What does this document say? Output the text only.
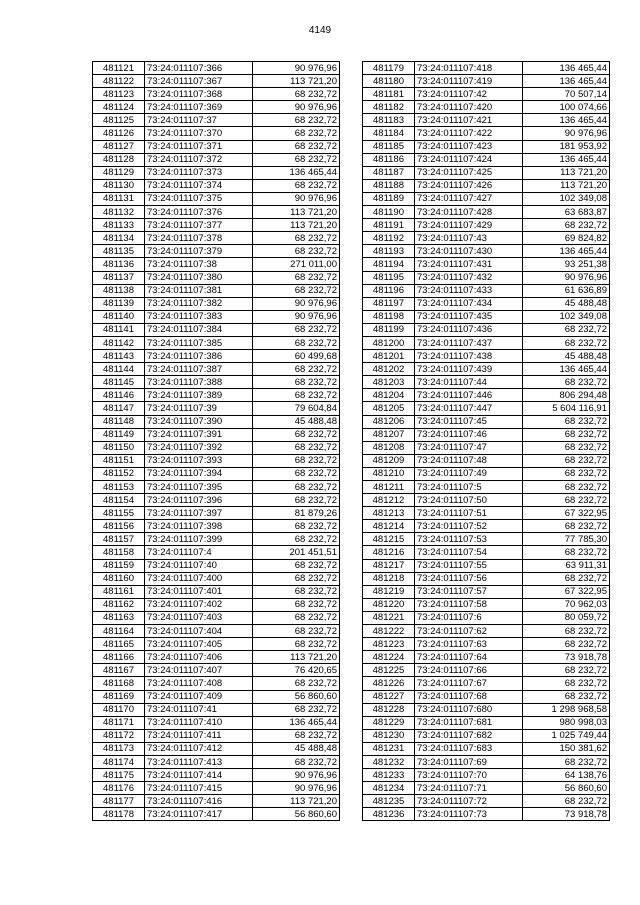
4149
481121	73:24:011107:366	90 976,96
481122	73:24:011107:367	113 721,20
481123	73:24:011107:368	68 232,72
481124	73:24:011107:369	90 976,96
481125	73:24:011107:37	68 232,72
481126	73:24:011107:370	68 232,72
481127	73:24:011107:371	68 232,72
481128	73:24:011107:372	68 232,72
481129	73:24:011107:373	136 465,44
481130	73:24:011107:374	68 232,72
481131	73:24:011107:375	90 976,96
481132	73:24:011107:376	113 721,20
481133	73:24:011107:377	113 721,20
481134	73:24:011107:378	68 232,72
481135	73:24:011107:379	68 232,72
481136	73:24:011107:38	271 011,00
481137	73:24:011107:380	68 232,72
481138	73:24:011107:381	68 232,72
481139	73:24:011107:382	90 976,96
481140	73:24:011107:383	90 976,96
481141	73:24:011107:384	68 232,72
481142	73:24:011107:385	68 232,72
481143	73:24:011107:386	60 499,68
481144	73:24:011107:387	68 232,72
481145	73:24:011107:388	68 232,72
481146	73:24:011107:389	68 232,72
481147	73:24:011107:39	79 604,84
481148	73:24:011107:390	45 488,48
481149	73:24:011107:391	68 232,72
481150	73:24:011107:392	68 232,72
481151	73:24:011107:393	68 232,72
481152	73:24:011107:394	68 232,72
481153	73:24:011107:395	68 232,72
481154	73:24:011107:396	68 232,72
481155	73:24:011107:397	81 879,26
481156	73:24:011107:398	68 232,72
481157	73:24:011107:399	68 232,72
481158	73:24:011107:4	201 451,51
481159	73:24:011107:40	68 232,72
481160	73:24:011107:400	68 232,72
481161	73:24:011107:401	68 232,72
481162	73:24:011107:402	68 232,72
481163	73:24:011107:403	68 232,72
481164	73:24:011107:404	68 232,72
481165	73:24:011107:405	68 232,72
481166	73:24:011107:406	113 721,20
481167	73:24:011107:407	76 420,65
481168	73:24:011107:408	68 232,72
481169	73:24:011107:409	56 860,60
481170	73:24:011107:41	68 232,72
481171	73:24:011107:410	136 465,44
481172	73:24:011107:411	68 232,72
481173	73:24:011107:412	45 488,48
481174	73:24:011107:413	68 232,72
481175	73:24:011107:414	90 976,96
481176	73:24:011107:415	90 976,96
481177	73:24:011107:416	113 721,20
481178	73:24:011107:417	56 860,60
481179	73:24:011107:418	136 465,44
481180	73:24:011107:419	136 465,44
481181	73:24:011107:42	70 507,14
481182	73:24:011107:420	100 074,66
481183	73:24:011107:421	136 465,44
481184	73:24:011107:422	90 976,96
481185	73:24:011107:423	181 953,92
481186	73:24:011107:424	136 465,44
481187	73:24:011107:425	113 721,20
481188	73:24:011107:426	113 721,20
481189	73:24:011107:427	102 349,08
481190	73:24:011107:428	63 683,87
481191	73:24:011107:429	68 232,72
481192	73:24:011107:43	69 824,82
481193	73:24:011107:430	136 465,44
481194	73:24:011107:431	93 251,38
481195	73:24:011107:432	90 976,96
481196	73:24:011107:433	61 636,89
481197	73:24:011107:434	45 488,48
481198	73:24:011107:435	102 349,08
481199	73:24:011107:436	68 232,72
481200	73:24:011107:437	68 232,72
481201	73:24:011107:438	45 488,48
481202	73:24:011107:439	136 465,44
481203	73:24:011107:44	68 232,72
481204	73:24:011107:446	806 294,48
481205	73:24:011107:447	5 604 116,91
481206	73:24:011107:45	68 232,72
481207	73:24:011107:46	68 232,72
481208	73:24:011107:47	68 232,72
481209	73:24:011107:48	68 232,72
481210	73:24:011107:49	68 232,72
481211	73:24:011107:5	68 232,72
481212	73:24:011107:50	68 232,72
481213	73:24:011107:51	67 322,95
481214	73:24:011107:52	68 232,72
481215	73:24:011107:53	77 785,30
481216	73:24:011107:54	68 232,72
481217	73:24:011107:55	63 911,31
481218	73:24:011107:56	68 232,72
481219	73:24:011107:57	67 322,95
481220	73:24:011107:58	70 962,03
481221	73:24:011107:6	80 059,72
481222	73:24:011107:62	68 232,72
481223	73:24:011107:63	68 232,72
481224	73:24:011107:64	73 918,78
481225	73:24:011107:66	68 232,72
481226	73:24:011107:67	68 232,72
481227	73:24:011107:68	68 232,72
481228	73:24:011107:680	1 298 968,58
481229	73:24:011107:681	980 998,03
481230	73:24:011107:682	1 025 749,44
481231	73:24:011107:683	150 381,62
481232	73:24:011107:69	68 232,72
481233	73:24:011107:70	64 138,76
481234	73:24:011107:71	56 860,60
481235	73:24:011107:72	68 232,72
481236	73:24:011107:73	73 918,78
